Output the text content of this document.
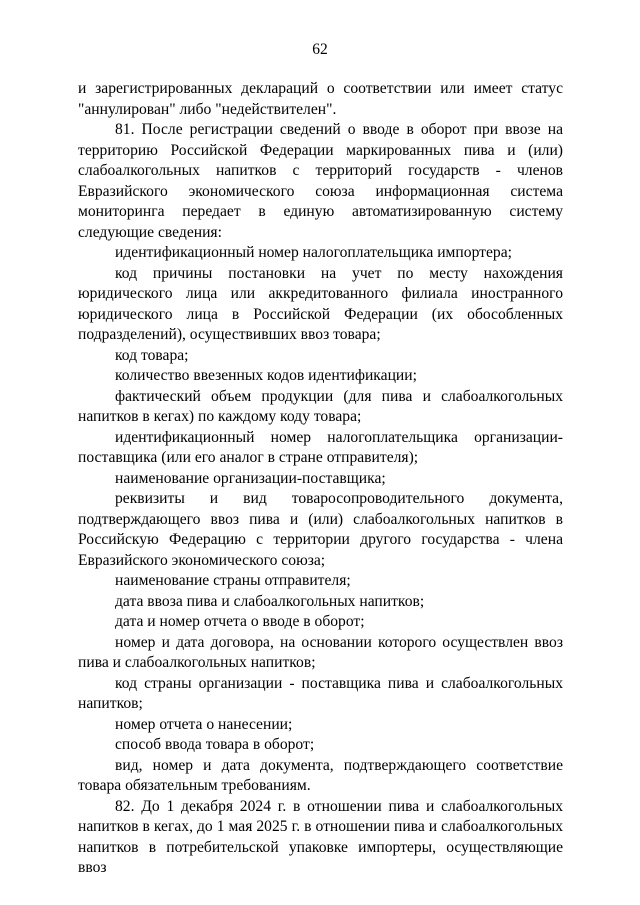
62

и зарегистрированных деклараций о соответствии или имеет статус "аннулирован" либо "недействителен".

81. После регистрации сведений о вводе в оборот при ввозе на территорию Российской Федерации маркированных пива и (или) слабоалкогольных напитков с территорий государств - членов Евразийского экономического союза информационная система мониторинга передает в единую автоматизированную систему следующие сведения:

идентификационный номер налогоплательщика импортера;

код причины постановки на учет по месту нахождения юридического лица или аккредитованного филиала иностранного юридического лица в Российской Федерации (их обособленных подразделений), осуществивших ввоз товара;

код товара;

количество ввезенных кодов идентификации;

фактический объем продукции (для пива и слабоалкогольных напитков в кегах) по каждому коду товара;

идентификационный номер налогоплательщика организации-поставщика (или его аналог в стране отправителя);

наименование организации-поставщика;

реквизиты и вид товаросопроводительного документа, подтверждающего ввоз пива и (или) слабоалкогольных напитков в Российскую Федерацию с территории другого государства - члена Евразийского экономического союза;

наименование страны отправителя;

дата ввоза пива и слабоалкогольных напитков;

дата и номер отчета о вводе в оборот;

номер и дата договора, на основании которого осуществлен ввоз пива и слабоалкогольных напитков;

код страны организации - поставщика пива и слабоалкогольных напитков;

номер отчета о нанесении;

способ ввода товара в оборот;

вид, номер и дата документа, подтверждающего соответствие товара обязательным требованиям.

82. До 1 декабря 2024 г. в отношении пива и слабоалкогольных напитков в кегах, до 1 мая 2025 г. в отношении пива и слабоалкогольных напитков в потребительской упаковке импортеры, осуществляющие ввоз
